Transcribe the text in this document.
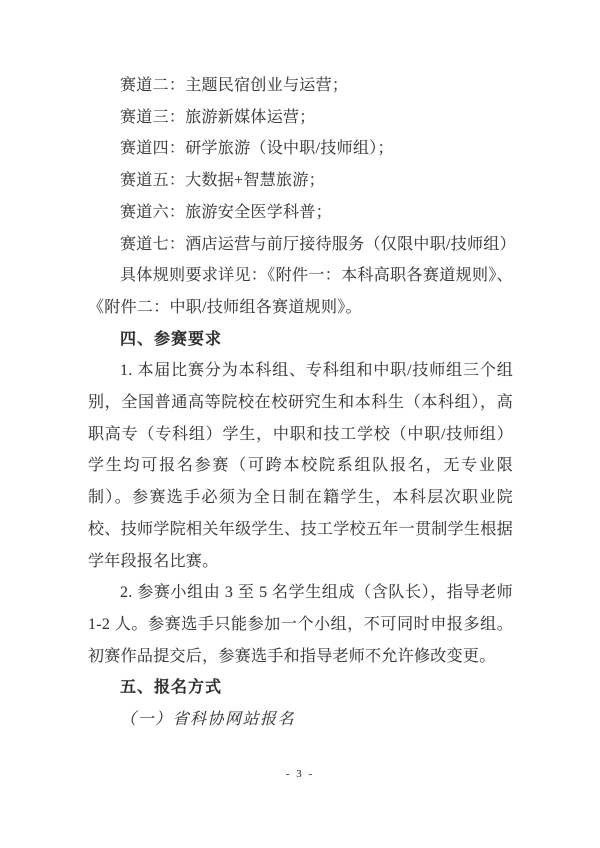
赛道二：主题民宿创业与运营；

赛道三：旅游新媒体运营；

赛道四：研学旅游（设中职/技师组）；

赛道五：大数据+智慧旅游；

赛道六：旅游安全医学科普；

赛道七：酒店运营与前厅接待服务（仅限中职/技师组）

具体规则要求详见：《附件一：本科高职各赛道规则》、《附件二：中职/技师组各赛道规则》。

四、参赛要求

1. 本届比赛分为本科组、专科组和中职/技师组三个组别，全国普通高等院校在校研究生和本科生（本科组），高职高专（专科组）学生，中职和技工学校（中职/技师组）学生均可报名参赛（可跨本校院系组队报名，无专业限制）。参赛选手必须为全日制在籍学生，本科层次职业院校、技师学院相关年级学生、技工学校五年一贯制学生根据学年段报名比赛。

2. 参赛小组由 3 至 5 名学生组成（含队长），指导老师 1-2 人。参赛选手只能参加一个小组，不可同时申报多组。初赛作品提交后，参赛选手和指导老师不允许修改变更。

五、报名方式

（一）省科协网站报名

- 3 -
